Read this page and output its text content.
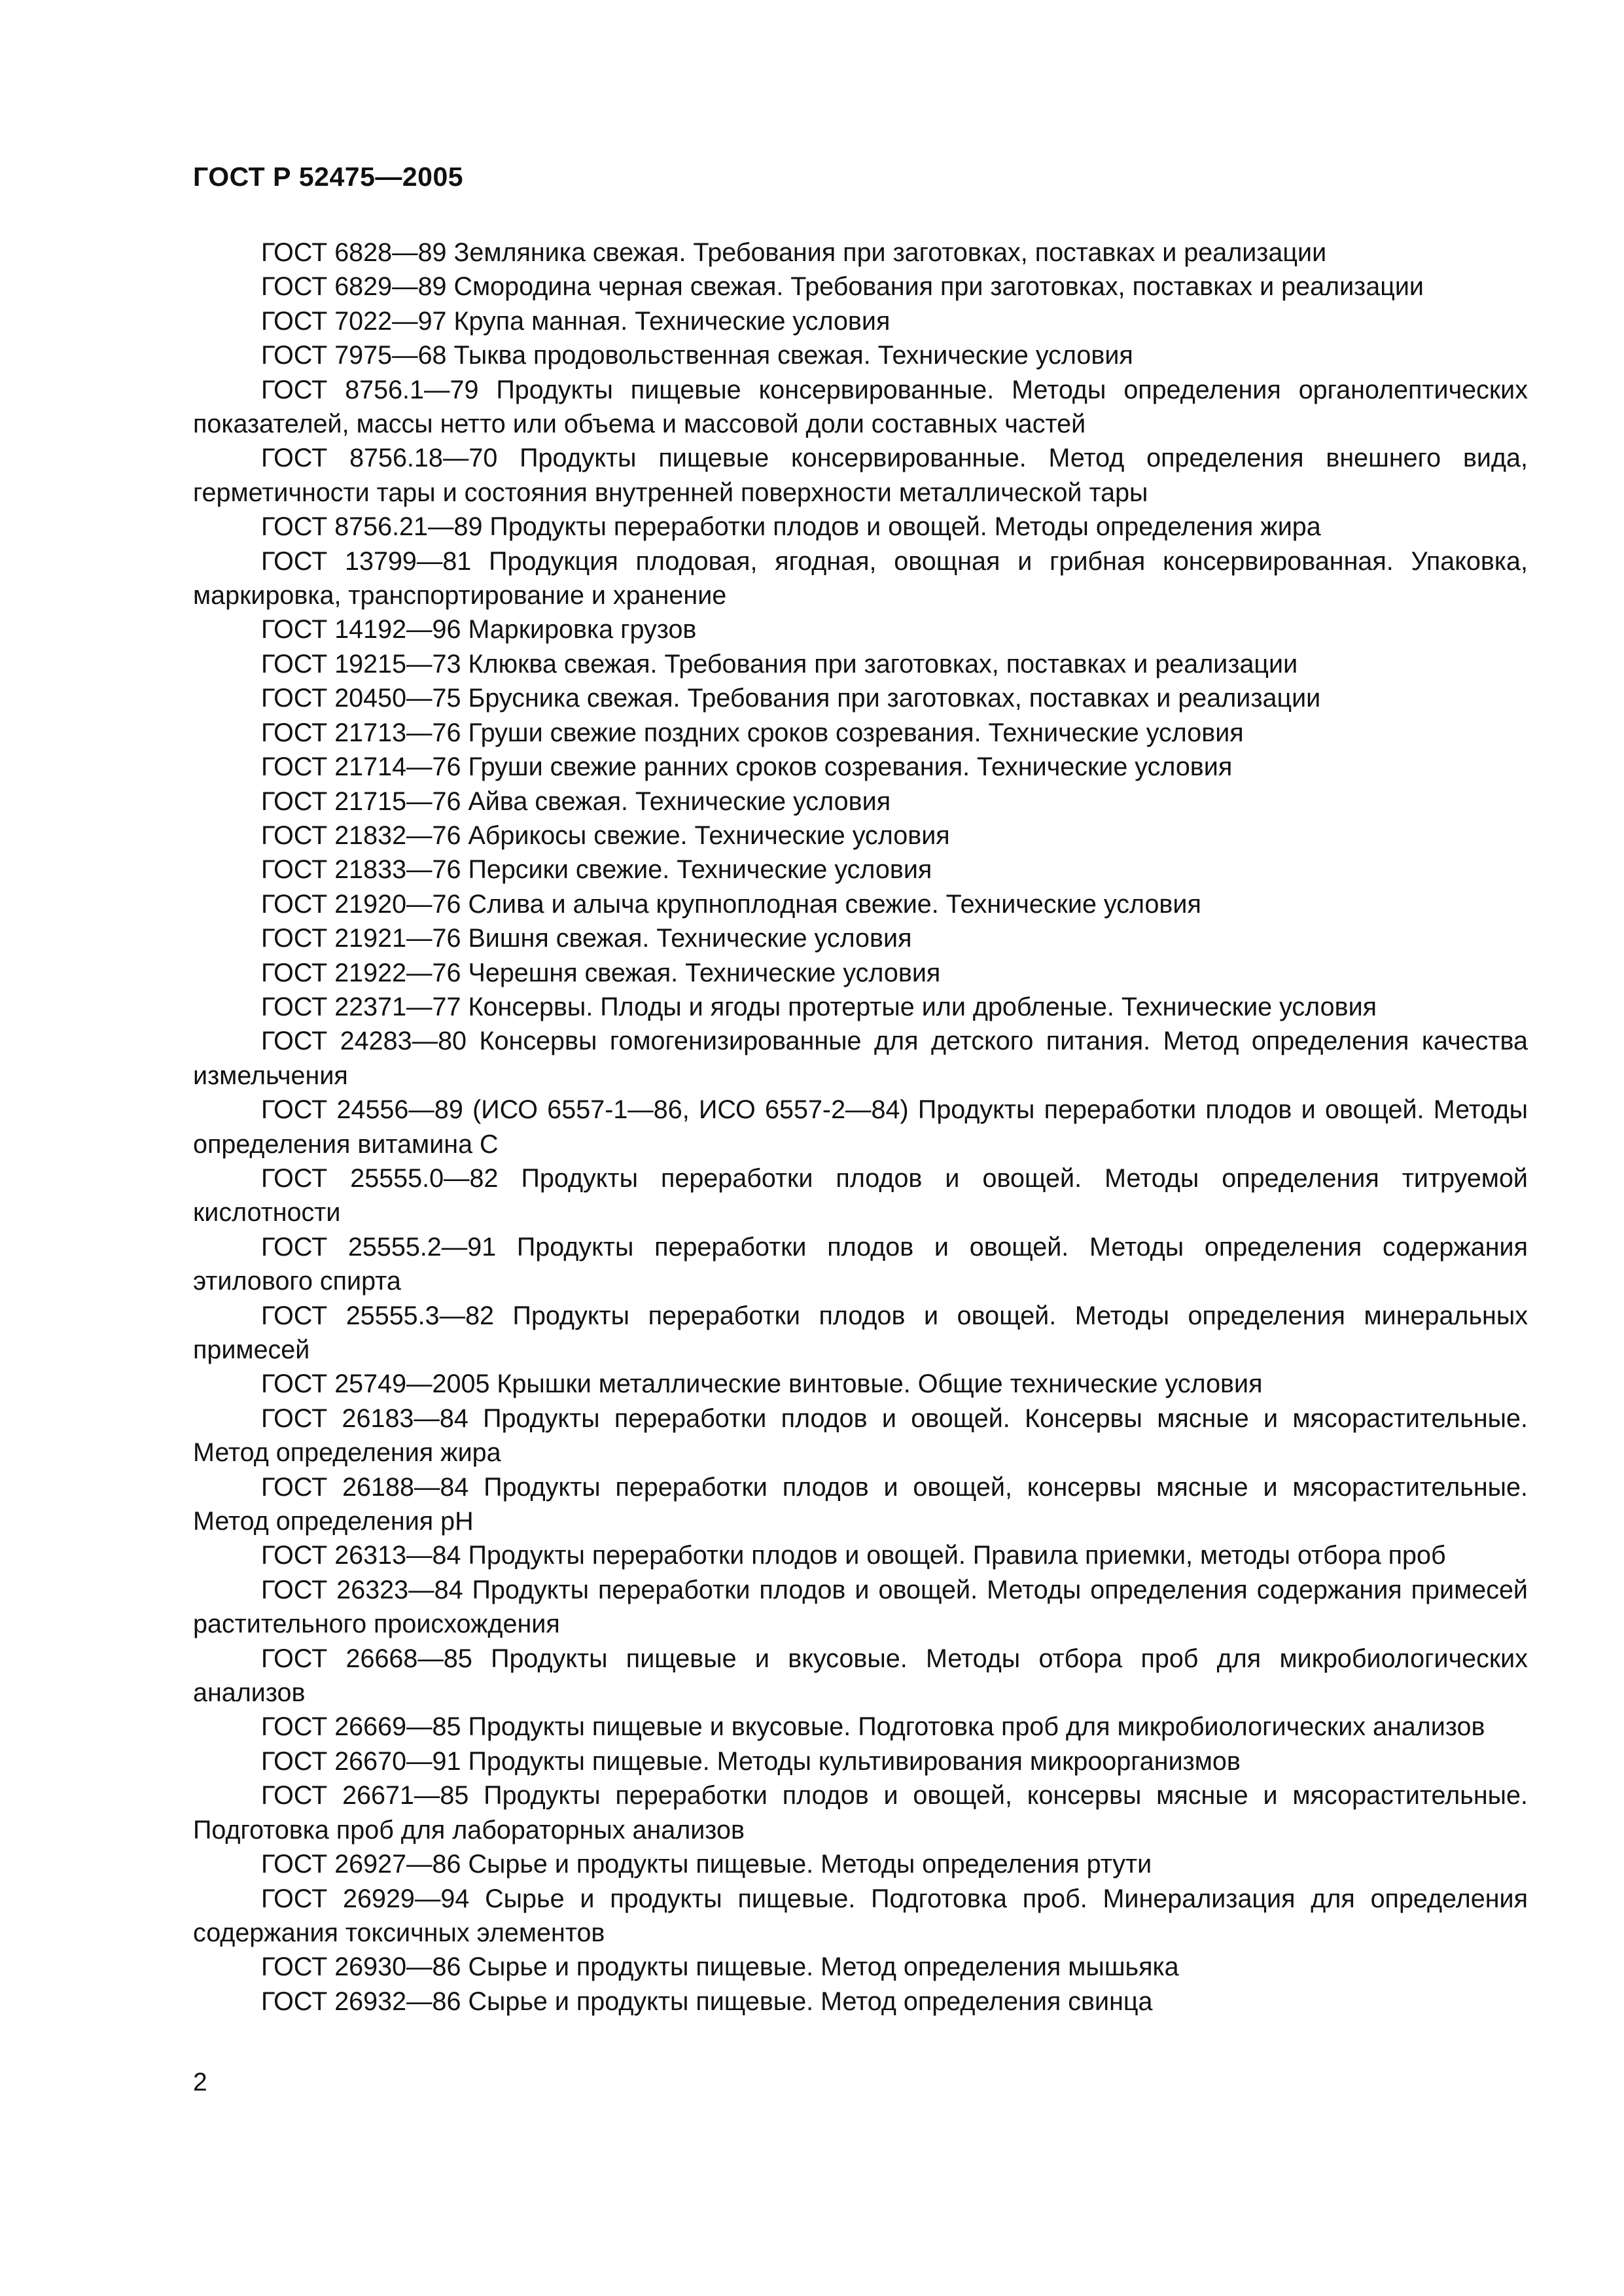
ГОСТ Р 52475—2005

ГОСТ 6828—89 Земляника свежая. Требования при заготовках, поставках и реализации

ГОСТ 6829—89 Смородина черная свежая. Требования при заготовках, поставках и реализации

ГОСТ 7022—97 Крупа манная. Технические условия

ГОСТ 7975—68 Тыква продовольственная свежая. Технические условия

ГОСТ 8756.1—79 Продукты пищевые консервированные. Методы определения органолептических показателей, массы нетто или объема и массовой доли составных частей

ГОСТ 8756.18—70 Продукты пищевые консервированные. Метод определения внешнего вида, герметичности тары и состояния внутренней поверхности металлической тары

ГОСТ 8756.21—89 Продукты переработки плодов и овощей. Методы определения жира

ГОСТ 13799—81 Продукция плодовая, ягодная, овощная и грибная консервированная. Упаковка, маркировка, транспортирование и хранение

ГОСТ 14192—96 Маркировка грузов

ГОСТ 19215—73 Клюква свежая. Требования при заготовках, поставках и реализации

ГОСТ 20450—75 Брусника свежая. Требования при заготовках, поставках и реализации

ГОСТ 21713—76 Груши свежие поздних сроков созревания. Технические условия

ГОСТ 21714—76 Груши свежие ранних сроков созревания. Технические условия

ГОСТ 21715—76 Айва свежая. Технические условия

ГОСТ 21832—76 Абрикосы свежие. Технические условия

ГОСТ 21833—76 Персики свежие. Технические условия

ГОСТ 21920—76 Слива и алыча крупноплодная свежие. Технические условия

ГОСТ 21921—76 Вишня свежая. Технические условия

ГОСТ 21922—76 Черешня свежая. Технические условия

ГОСТ 22371—77 Консервы. Плоды и ягоды протертые или дробленые. Технические условия

ГОСТ 24283—80 Консервы гомогенизированные для детского питания. Метод определения качества измельчения

ГОСТ 24556—89 (ИСО 6557-1—86, ИСО 6557-2—84) Продукты переработки плодов и овощей. Методы определения витамина С

ГОСТ 25555.0—82 Продукты переработки плодов и овощей. Методы определения титруемой кислотности

ГОСТ 25555.2—91 Продукты переработки плодов и овощей. Методы определения содержания этилового спирта

ГОСТ 25555.3—82 Продукты переработки плодов и овощей. Методы определения минеральных примесей

ГОСТ 25749—2005 Крышки металлические винтовые. Общие технические условия

ГОСТ 26183—84 Продукты переработки плодов и овощей. Консервы мясные и мясорастительные. Метод определения жира

ГОСТ 26188—84 Продукты переработки плодов и овощей, консервы мясные и мясорастительные. Метод определения pH

ГОСТ 26313—84 Продукты переработки плодов и овощей. Правила приемки, методы отбора проб

ГОСТ 26323—84 Продукты переработки плодов и овощей. Методы определения содержания примесей растительного происхождения

ГОСТ 26668—85 Продукты пищевые и вкусовые. Методы отбора проб для микробиологических анализов

ГОСТ 26669—85 Продукты пищевые и вкусовые. Подготовка проб для микробиологических анализов

ГОСТ 26670—91 Продукты пищевые. Методы культивирования микроорганизмов

ГОСТ 26671—85 Продукты переработки плодов и овощей, консервы мясные и мясорастительные. Подготовка проб для лабораторных анализов

ГОСТ 26927—86 Сырье и продукты пищевые. Методы определения ртути

ГОСТ 26929—94 Сырье и продукты пищевые. Подготовка проб. Минерализация для определения содержания токсичных элементов

ГОСТ 26930—86 Сырье и продукты пищевые. Метод определения мышьяка

ГОСТ 26932—86 Сырье и продукты пищевые. Метод определения свинца

2
